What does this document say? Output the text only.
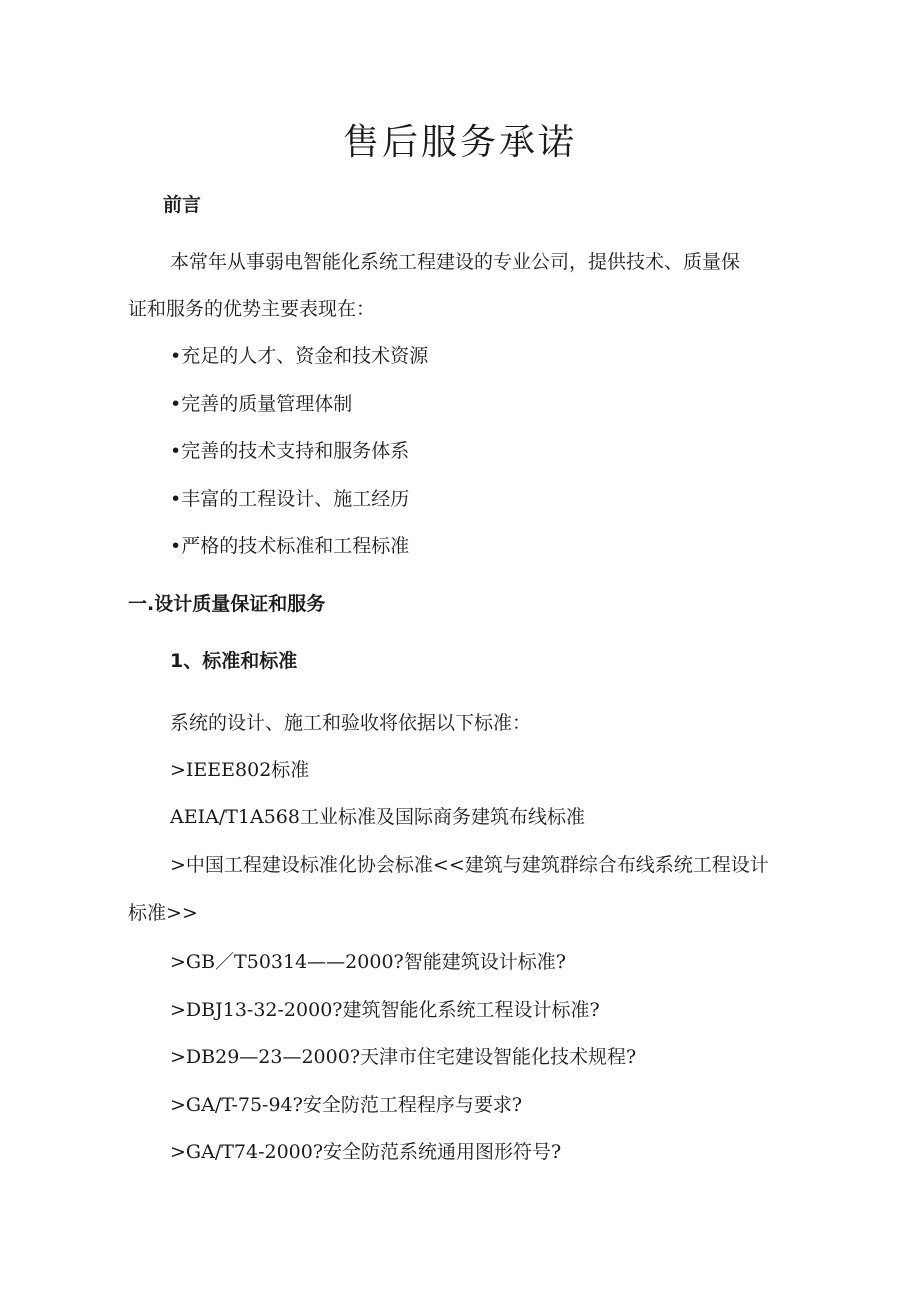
售后服务承诺
前言
本常年从事弱电智能化系统工程建设的专业公司，提供技术、质量保
证和服务的优势主要表现在：
•充足的人才、资金和技术资源
•完善的质量管理体制
•完善的技术支持和服务体系
•丰富的工程设计、施工经历
•严格的技术标准和工程标准
一.设计质量保证和服务
1、标准和标准
系统的设计、施工和验收将依据以下标准：
>IEEE802标准
AEIA/T1A568工业标准及国际商务建筑布线标准
>中国工程建设标准化协会标准<<建筑与建筑群综合布线系统工程设计
标准>>
>GB／T50314——2000?智能建筑设计标准?
>DBJ13-32-2000?建筑智能化系统工程设计标准?
>DB29—23—2000?天津市住宅建设智能化技术规程?
>GA/T-75-94?安全防范工程程序与要求?
>GA/T74-2000?安全防范系统通用图形符号?
